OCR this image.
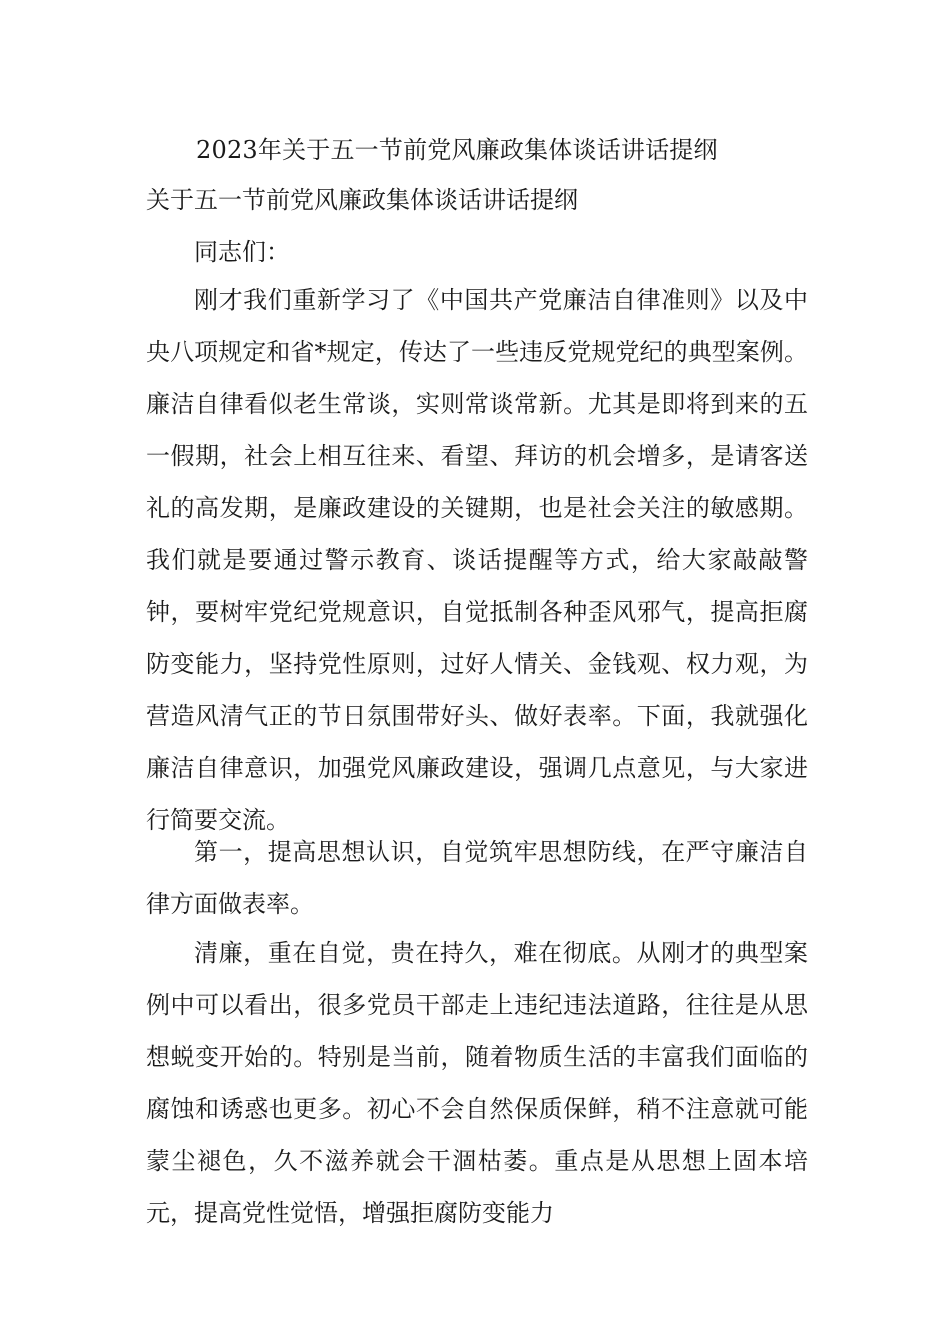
2023年关于五一节前党风廉政集体谈话讲话提纲
关于五一节前党风廉政集体谈话讲话提纲

同志们：

刚才我们重新学习了《中国共产党廉洁自律准则》以及中央八项规定和省*规定，传达了一些违反党规党纪的典型案例。廉洁自律看似老生常谈，实则常谈常新。尤其是即将到来的五一假期，社会上相互往来、看望、拜访的机会增多，是请客送礼的高发期，是廉政建设的关键期，也是社会关注的敏感期。我们就是要通过警示教育、谈话提醒等方式，给大家敲敲警钟，要树牢党纪党规意识，自觉抵制各种歪风邪气，提高拒腐防变能力，坚持党性原则，过好人情关、金钱观、权力观，为营造风清气正的节日氛围带好头、做好表率。下面，我就强化廉洁自律意识，加强党风廉政建设，强调几点意见，与大家进行简要交流。

第一，提高思想认识，自觉筑牢思想防线，在严守廉洁自律方面做表率。

清廉，重在自觉，贵在持久，难在彻底。从刚才的典型案例中可以看出，很多党员干部走上违纪违法道路，往往是从思想蜕变开始的。特别是当前，随着物质生活的丰富我们面临的腐蚀和诱惑也更多。初心不会自然保质保鲜，稍不注意就可能蒙尘褪色，久不滋养就会干涸枯萎。重点是从思想上固本培元，提高党性觉悟，增强拒腐防变能力
